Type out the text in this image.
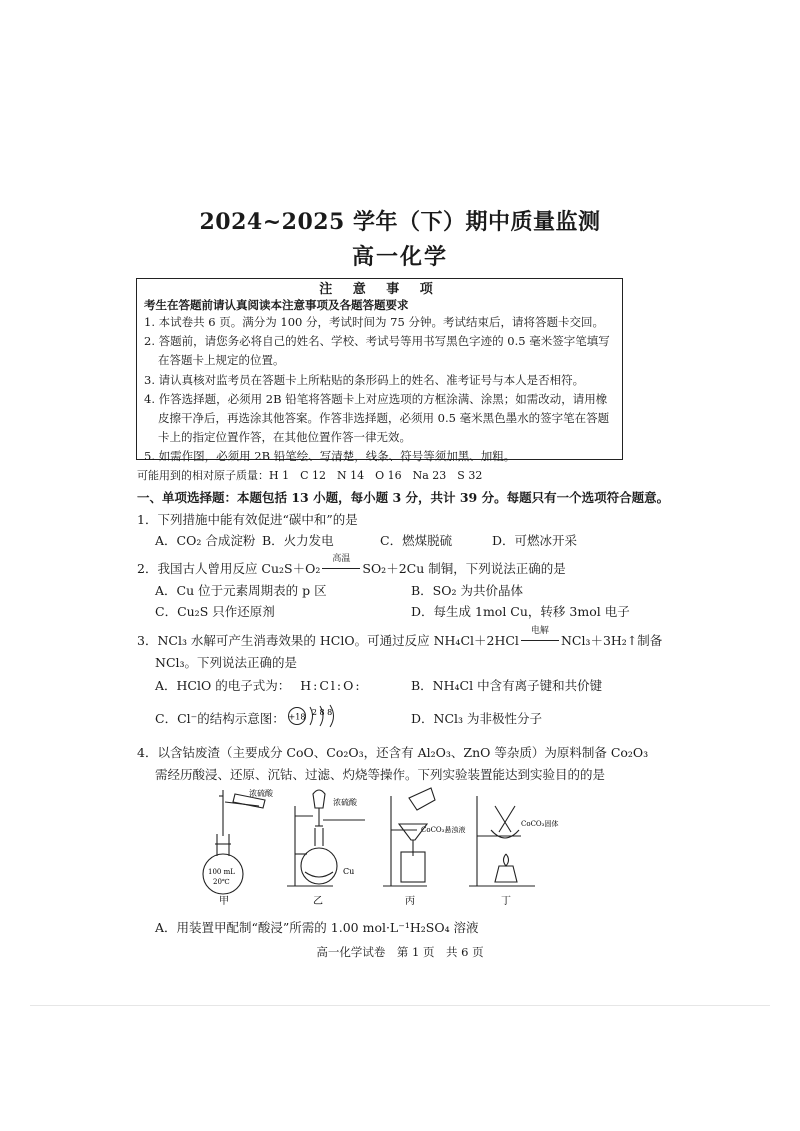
2024~2025 学年（下）期中质量监测
高一化学
注 意 事 项
考生在答题前请认真阅读本注意事项及各题答题要求
1. 本试卷共 6 页。满分为 100 分，考试时间为 75 分钟。考试结束后，请将答题卡交回。
2. 答题前，请您务必将自己的姓名、学校、考试号等用书写黑色字迹的 0.5 毫米签字笔填写在答题卡上规定的位置。
3. 请认真核对监考员在答题卡上所粘贴的条形码上的姓名、准考证号与本人是否相符。
4. 作答选择题，必须用 2B 铅笔将答题卡上对应选项的方框涂满、涂黑；如需改动，请用橡皮擦干净后，再选涂其他答案。作答非选择题，必须用 0.5 毫米黑色墨水的签字笔在答题卡上的指定位置作答，在其他位置作答一律无效。
5. 如需作图，必须用 2B 铅笔绘、写清楚，线条、符号等须加黑、加粗。
可能用到的相对原子质量：H 1　C 12　N 14　O 16　Na 23　S 32
一、单项选择题：本题包括 13 小题，每小题 3 分，共计 39 分。每题只有一个选项符合题意。
1．下列措施中能有效促进“碳中和”的是
A．CO₂ 合成淀粉 B．火力发电	C．燃煤脱硫	D．可燃冰开采
2．我国古人曾用反应 Cu₂S＋O₂
高温
SO₂＋2Cu 制铜，下列说法正确的是
A．Cu 位于元素周期表的 p 区	B．SO₂ 为共价晶体
C．Cu₂S 只作还原剂	D．每生成 1mol Cu，转移 3mol 电子
3．NCl₃ 水解可产生消毒效果的 HClO。可通过反应 NH₄Cl＋2HCl
电解
NCl₃＋3H₂↑制备
NCl₃。下列说法正确的是
A．HClO 的电子式为： H:Cl:O:	B．NH₄Cl 中含有离子键和共价键
C．Cl⁻的结构示意图： +18 2 8 8	D．NCl₃ 为非极性分子
4．以含钴废渣（主要成分 CoO、Co₂O₃，还含有 Al₂O₃、ZnO 等杂质）为原料制备 Co₂O₃
需经历酸浸、还原、沉钴、过滤、灼烧等操作。下列实验装置能达到实验目的的是
浓硫酸
100 mL
20℃
浓硫酸
Cu
CoCO₃悬浊液
CoCO₃固体
甲	乙	丙	丁
A．用装置甲配制“酸浸”所需的 1.00 mol·L⁻¹H₂SO₄ 溶液
高一化学试卷　第 1 页　共 6 页
